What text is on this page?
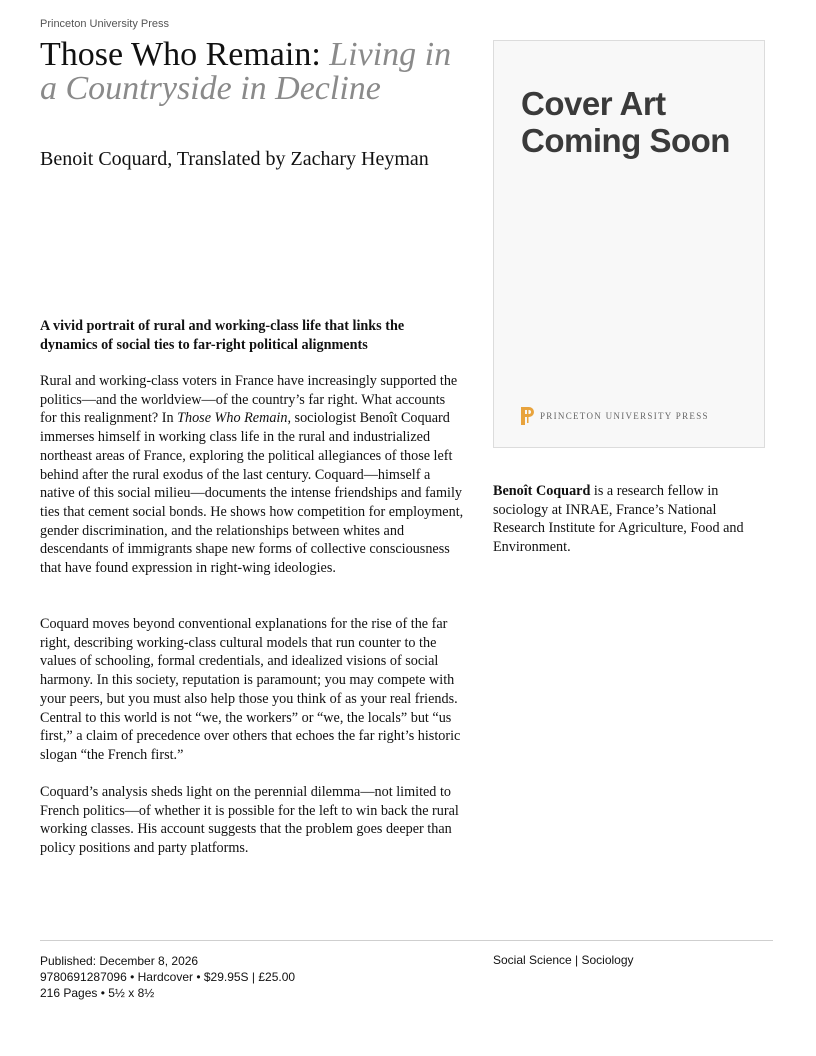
Princeton University Press
Those Who Remain: Living in a Countryside in Decline
Benoit Coquard, Translated by Zachary Heyman
A vivid portrait of rural and working-class life that links the dynamics of social ties to far-right political alignments

Rural and working-class voters in France have increasingly supported the politics—and the worldview—of the country’s far right. What accounts for this realignment? In Those Who Remain, sociologist Benoît Coquard immerses himself in working class life in the rural and industrialized northeast areas of France, exploring the political allegiances of those left behind after the rural exodus of the last century. Coquard—himself a native of this social milieu—documents the intense friendships and family ties that cement social bonds. He shows how competition for employment, gender discrimination, and the relationships between whites and descendants of immigrants shape new forms of collective consciousness that have found expression in right-wing ideologies.

Coquard moves beyond conventional explanations for the rise of the far right, describing working-class cultural models that run counter to the values of schooling, formal credentials, and idealized visions of social harmony. In this society, reputation is paramount; you may compete with your peers, but you must also help those you think of as your real friends. Central to this world is not “we, the workers” or “we, the locals” but “us first,” a claim of precedence over others that echoes the far right’s historic slogan “the French first.”

Coquard’s analysis sheds light on the perennial dilemma—not limited to French politics—of whether it is possible for the left to win back the rural working classes. His account suggests that the problem goes deeper than policy positions and party platforms.

Cover Art
Coming Soon
PRINCETON UNIVERSITY PRESS
Benoît Coquard is a research fellow in sociology at INRAE, France’s National Research Institute for Agriculture, Food and Environment.
Published: December 8, 2026
9780691287096 • Hardcover • $29.95S | £25.00
216 Pages • 5½ x 8½
Social Science | Sociology
